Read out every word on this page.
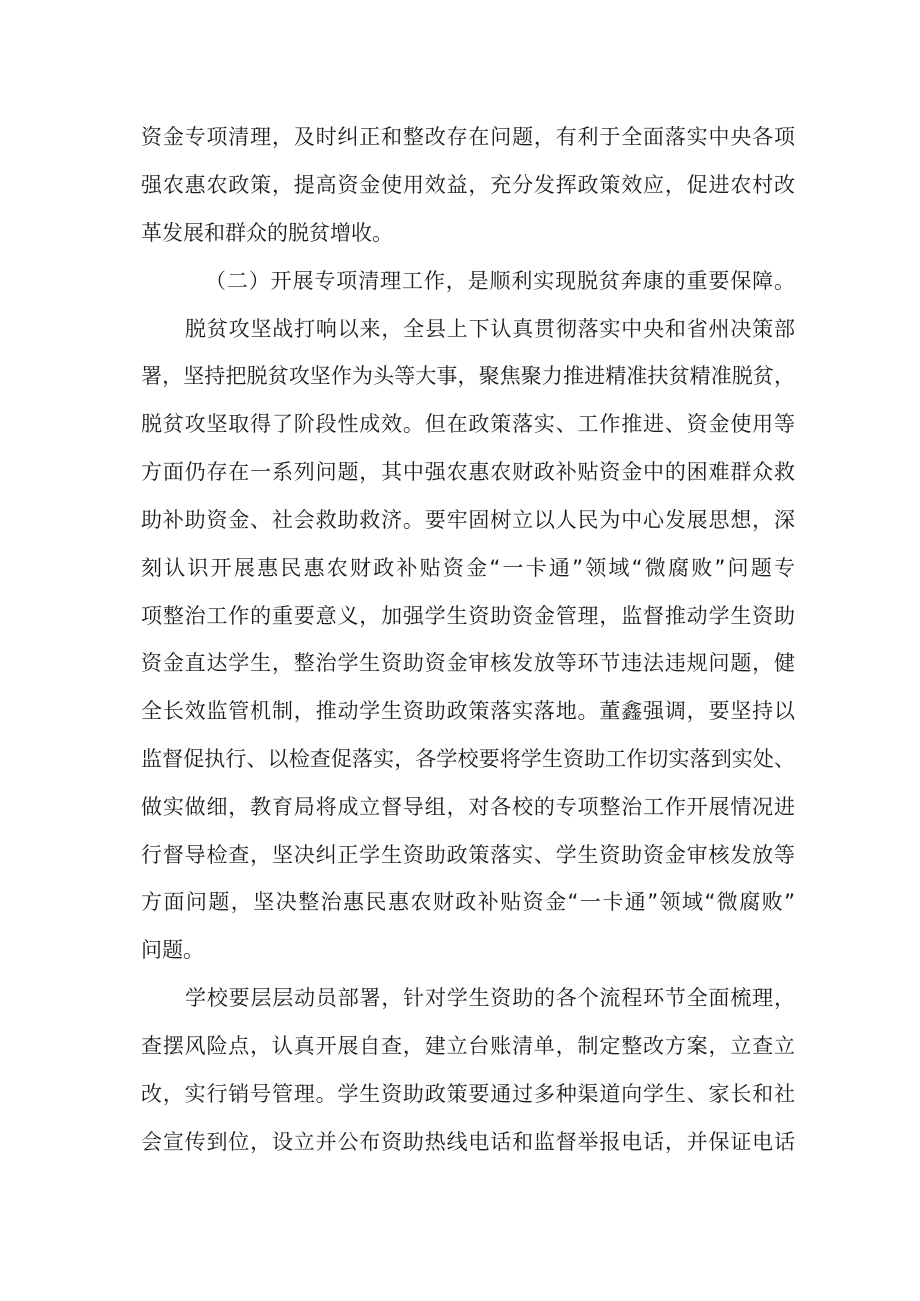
资金专项清理，及时纠正和整改存在问题，有利于全面落实中央各项

强农惠农政策，提高资金使用效益，充分发挥政策效应，促进农村改

革发展和群众的脱贫增收。

（二）开展专项清理工作，是顺利实现脱贫奔康的重要保障。

脱贫攻坚战打响以来，全县上下认真贯彻落实中央和省州决策部

署，坚持把脱贫攻坚作为头等大事，聚焦聚力推进精准扶贫精准脱贫，

脱贫攻坚取得了阶段性成效。但在政策落实、工作推进、资金使用等

方面仍存在一系列问题，其中强农惠农财政补贴资金中的困难群众救

助补助资金、社会救助救济。要牢固树立以人民为中心发展思想，深

刻认识开展惠民惠农财政补贴资金“一卡通”领域“微腐败”问题专

项整治工作的重要意义，加强学生资助资金管理，监督推动学生资助

资金直达学生，整治学生资助资金审核发放等环节违法违规问题，健

全长效监管机制，推动学生资助政策落实落地。董鑫强调，要坚持以

监督促执行、以检查促落实，各学校要将学生资助工作切实落到实处、

做实做细，教育局将成立督导组，对各校的专项整治工作开展情况进

行督导检查，坚决纠正学生资助政策落实、学生资助资金审核发放等

方面问题，坚决整治惠民惠农财政补贴资金“一卡通”领域“微腐败”

问题。

学校要层层动员部署，针对学生资助的各个流程环节全面梳理，

查摆风险点，认真开展自查，建立台账清单，制定整改方案，立查立

改，实行销号管理。学生资助政策要通过多种渠道向学生、家长和社

会宣传到位，设立并公布资助热线电话和监督举报电话，并保证电话
